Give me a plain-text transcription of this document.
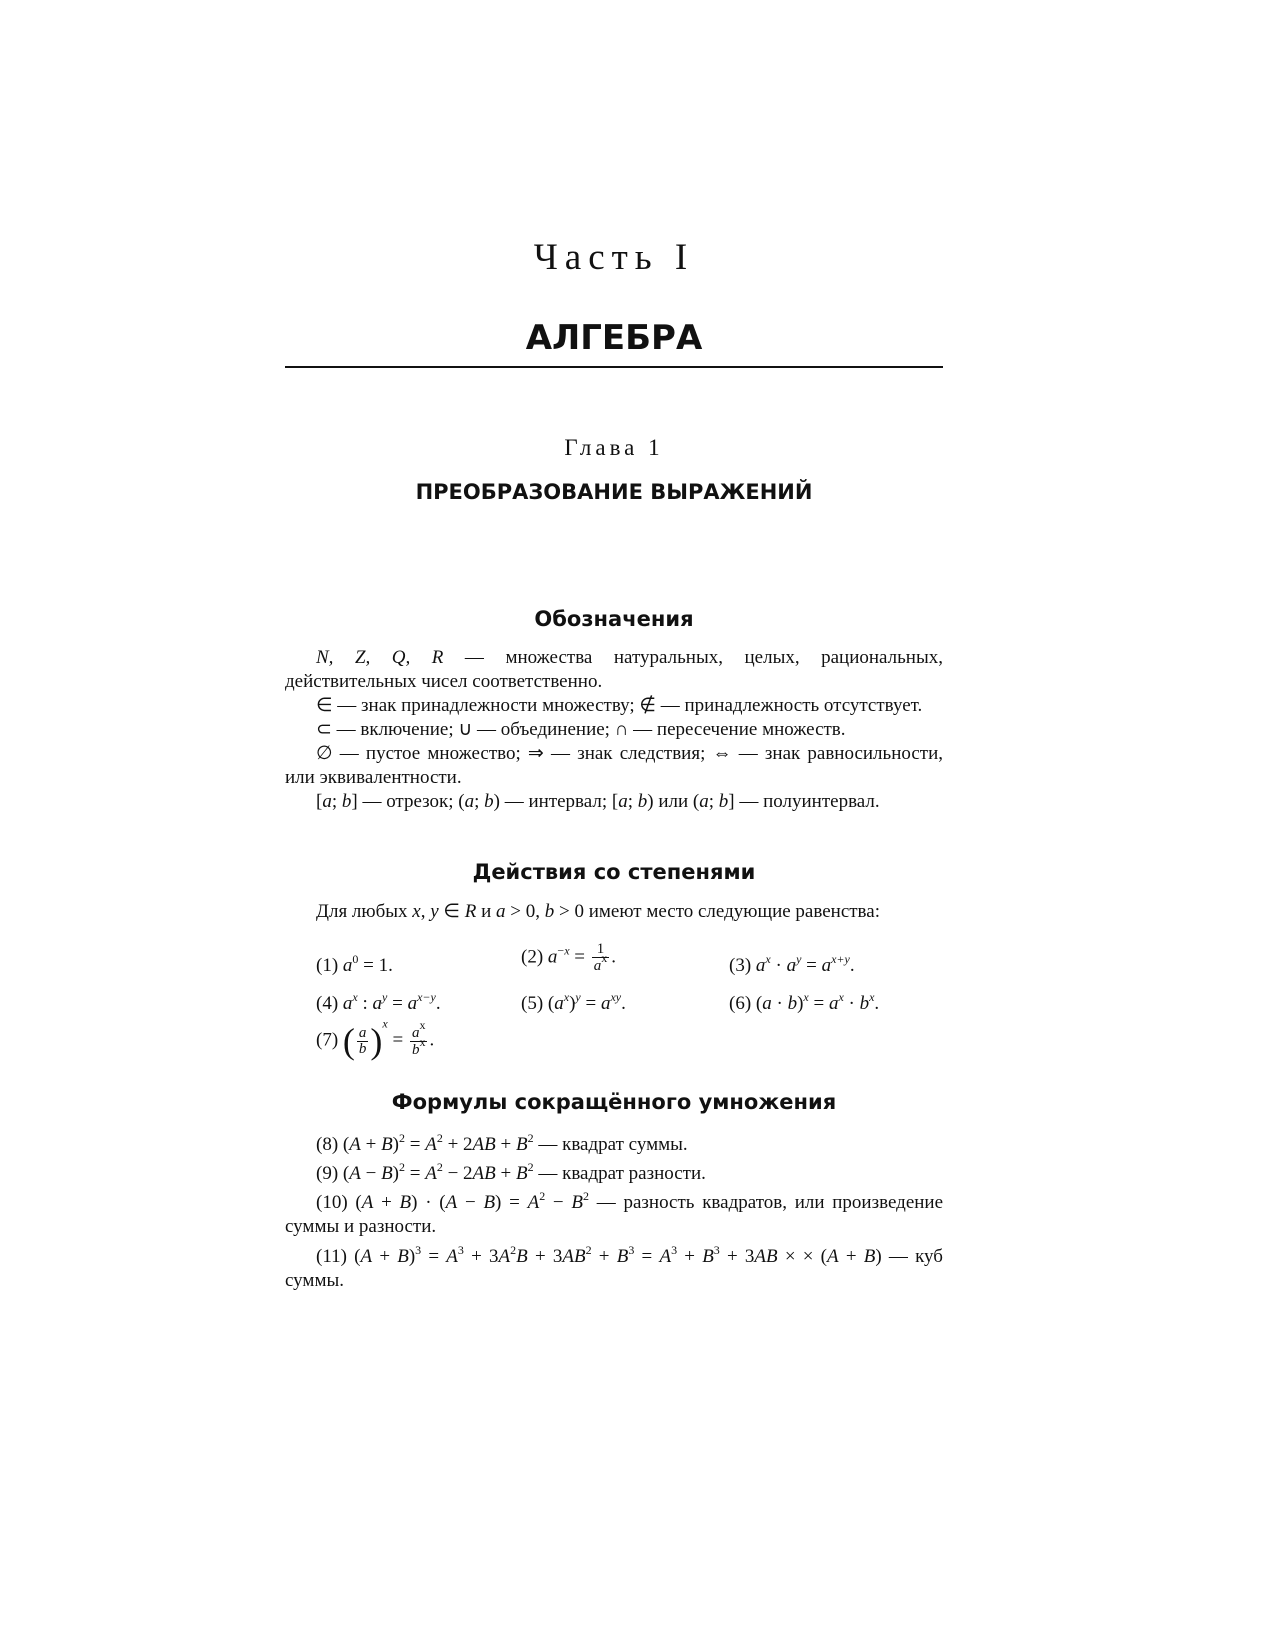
Часть I
АЛГЕБРА
Глава 1
ПРЕОБРАЗОВАНИЕ ВЫРАЖЕНИЙ
Обозначения

N, Z, Q, R — множества натуральных, целых, рациональных, действительных чисел соответственно.

∈ — знак принадлежности множеству; ∉ — принадлежность отсутствует.

⊂ — включение; ∪ — объединение; ∩ — пересечение множеств.

∅ — пустое множество; ⇒ — знак следствия; ⇔ — знак равносильности, или эквивалентности.

[a; b] — отрезок; (a; b) — интервал; [a; b) или (a; b] — полуинтервал.

Действия со степенями

Для любых x, y ∈ R и a > 0, b > 0 имеют место следующие равенства:

(1) $a^0 = 1$.	(2) $a^{-x} = \frac{1}{a^x}$ .	(3) $a^x \cdot a^y = a^{x+y}$.
(4) $a^x$ : $a^y = a^{x-y}$.	(5) $(a^x)^y = a^{xy}$.	(6) $(a \cdot b)^x = a^x \cdot b^x$.
(7) ( $\frac{a}{b} )^x = \frac{a^x}{b^x}$ .
Формулы сокращённого умножения

(8) $(A + B)^2 = A^2 + 2AB + B^2$ — квадрат суммы.

(9) $(A - B)^2 = A^2 - 2AB + B^2$ — квадрат разности.

(10) $(A + B) \cdot (A - B) = A^2 - B^2$ — разность квадратов, или произведение суммы и разности.

(11) $(A + B)^3 = A^3 + 3A^2B + 3AB^2 + B^3 = A^3 + B^3 + 3AB$ × × (A + B) — куб суммы.
